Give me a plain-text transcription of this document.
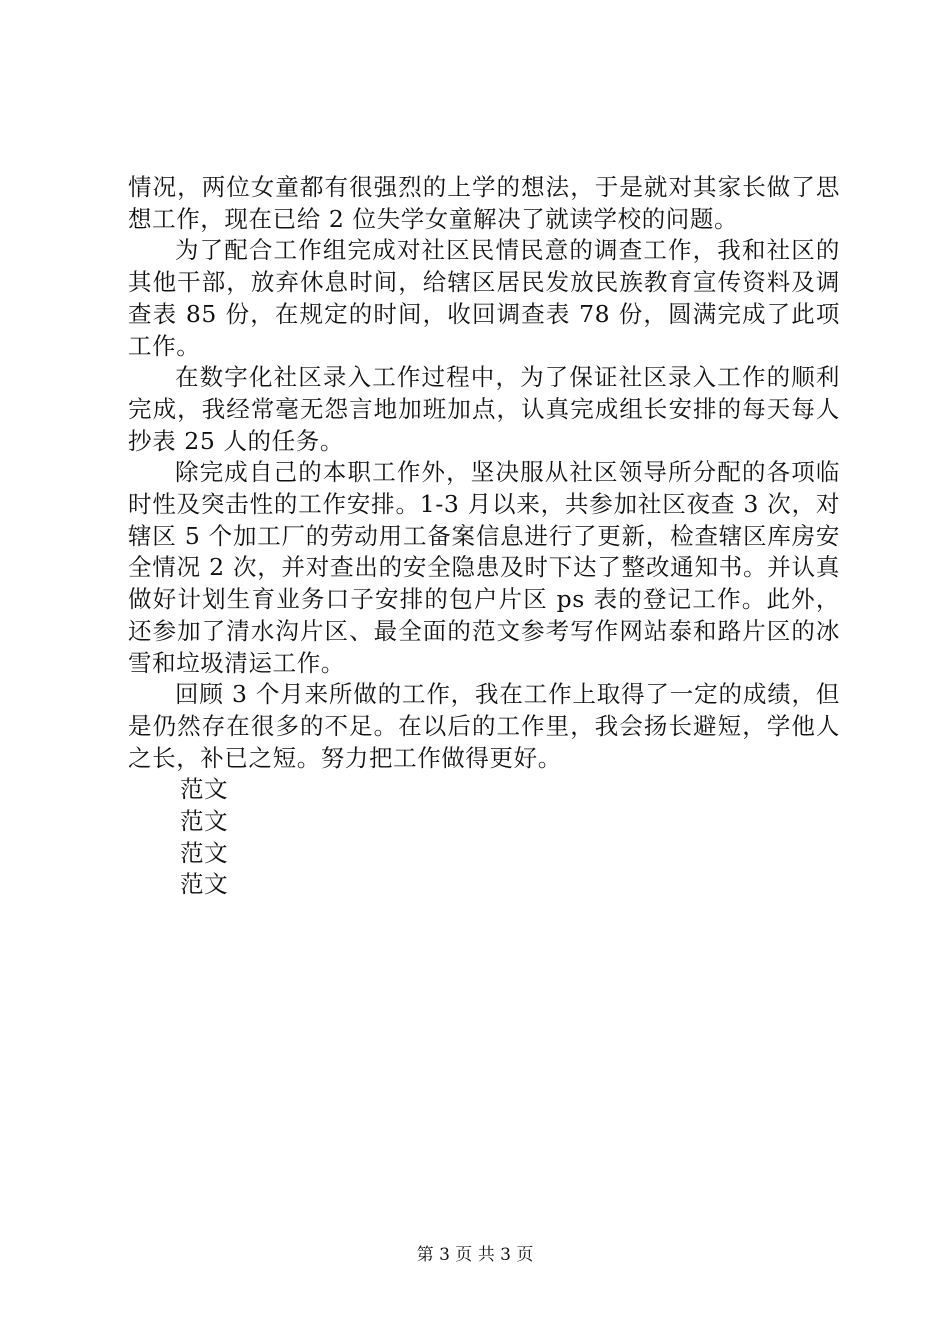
情况，两位女童都有很强烈的上学的想法，于是就对其家长做了思想工作，现在已给 2 位失学女童解决了就读学校的问题。

为了配合工作组完成对社区民情民意的调查工作，我和社区的其他干部，放弃休息时间，给辖区居民发放民族教育宣传资料及调查表 85 份，在规定的时间，收回调查表 78 份，圆满完成了此项工作。

在数字化社区录入工作过程中，为了保证社区录入工作的顺利完成，我经常毫无怨言地加班加点，认真完成组长安排的每天每人抄表 25 人的任务。

除完成自己的本职工作外，坚决服从社区领导所分配的各项临时性及突击性的工作安排。1-3 月以来，共参加社区夜查 3 次，对辖区 5 个加工厂的劳动用工备案信息进行了更新，检查辖区库房安全情况 2 次，并对查出的安全隐患及时下达了整改通知书。并认真做好计划生育业务口子安排的包户片区 ps 表的登记工作。此外，还参加了清水沟片区、最全面的范文参考写作网站泰和路片区的冰雪和垃圾清运工作。

回顾 3 个月来所做的工作，我在工作上取得了一定的成绩，但是仍然存在很多的不足。在以后的工作里，我会扬长避短，学他人之长，补已之短。努力把工作做得更好。

范文

范文

范文

范文

第 3 页 共 3 页
